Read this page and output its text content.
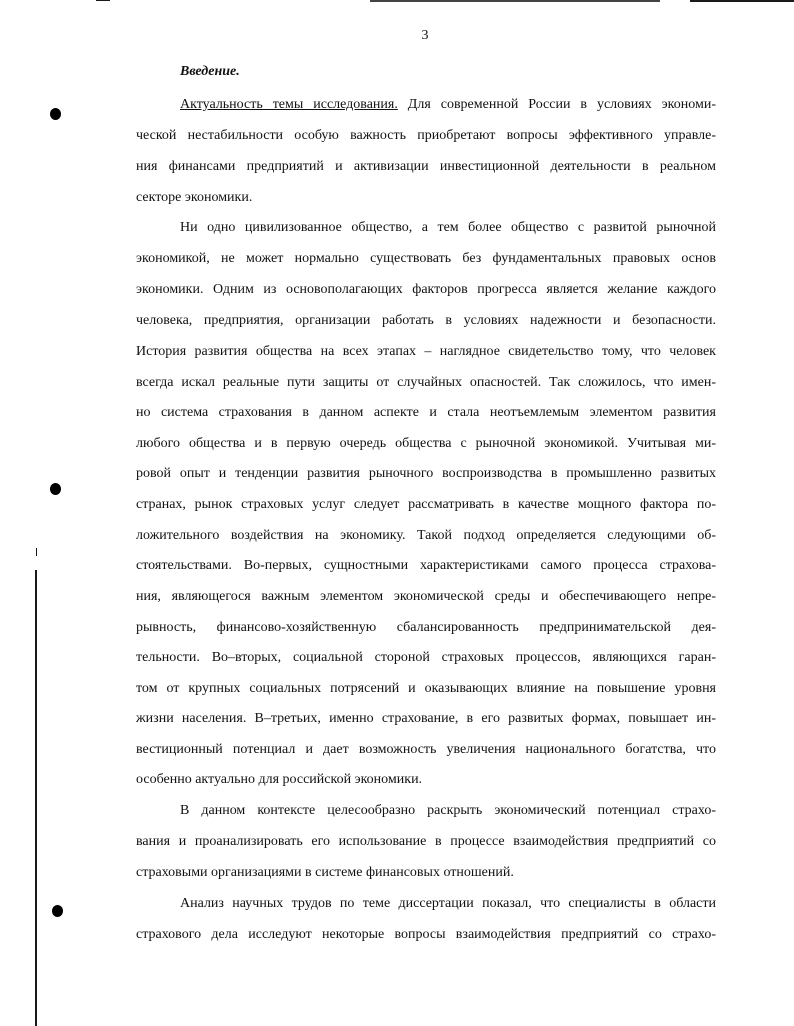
3
Введение.
Актуальность темы исследования. Для современной России в условиях экономи-
ческой нестабильности особую важность приобретают вопросы эффективного управле-
ния финансами предприятий и активизации инвестиционной деятельности в реальном
секторе экономики.
Ни одно цивилизованное общество, а тем более общество с развитой рыночной
экономикой, не может нормально существовать без фундаментальных правовых основ
экономики. Одним из основополагающих факторов прогресса является желание каждого
человека, предприятия, организации работать в условиях надежности и безопасности.
История развития общества на всех этапах – наглядное свидетельство тому, что человек
всегда искал реальные пути защиты от случайных опасностей. Так сложилось, что имен-
но система страхования в данном аспекте и стала неотъемлемым элементом развития
любого общества и в первую очередь общества с рыночной экономикой. Учитывая ми-
ровой опыт и тенденции развития рыночного воспроизводства в промышленно развитых
странах, рынок страховых услуг следует рассматривать в качестве мощного фактора по-
ложительного воздействия на экономику. Такой подход определяется следующими об-
стоятельствами. Во-первых, сущностными характеристиками самого процесса страхова-
ния, являющегося важным элементом экономической среды и обеспечивающего непре-
рывность, финансово-хозяйственную сбалансированность предпринимательской дея-
тельности. Во–вторых, социальной стороной страховых процессов, являющихся гаран-
том от крупных социальных потрясений и оказывающих влияние на повышение уровня
жизни населения. В–третьих, именно страхование, в его развитых формах, повышает ин-
вестиционный потенциал и дает возможность увеличения национального богатства, что
особенно актуально для российской экономики.
В данном контексте целесообразно раскрыть экономический потенциал страхо-
вания и проанализировать его использование в процессе взаимодействия предприятий со
страховыми организациями в системе финансовых отношений.
Анализ научных трудов по теме диссертации показал, что специалисты в области
страхового дела исследуют некоторые вопросы взаимодействия предприятий со страхо-
